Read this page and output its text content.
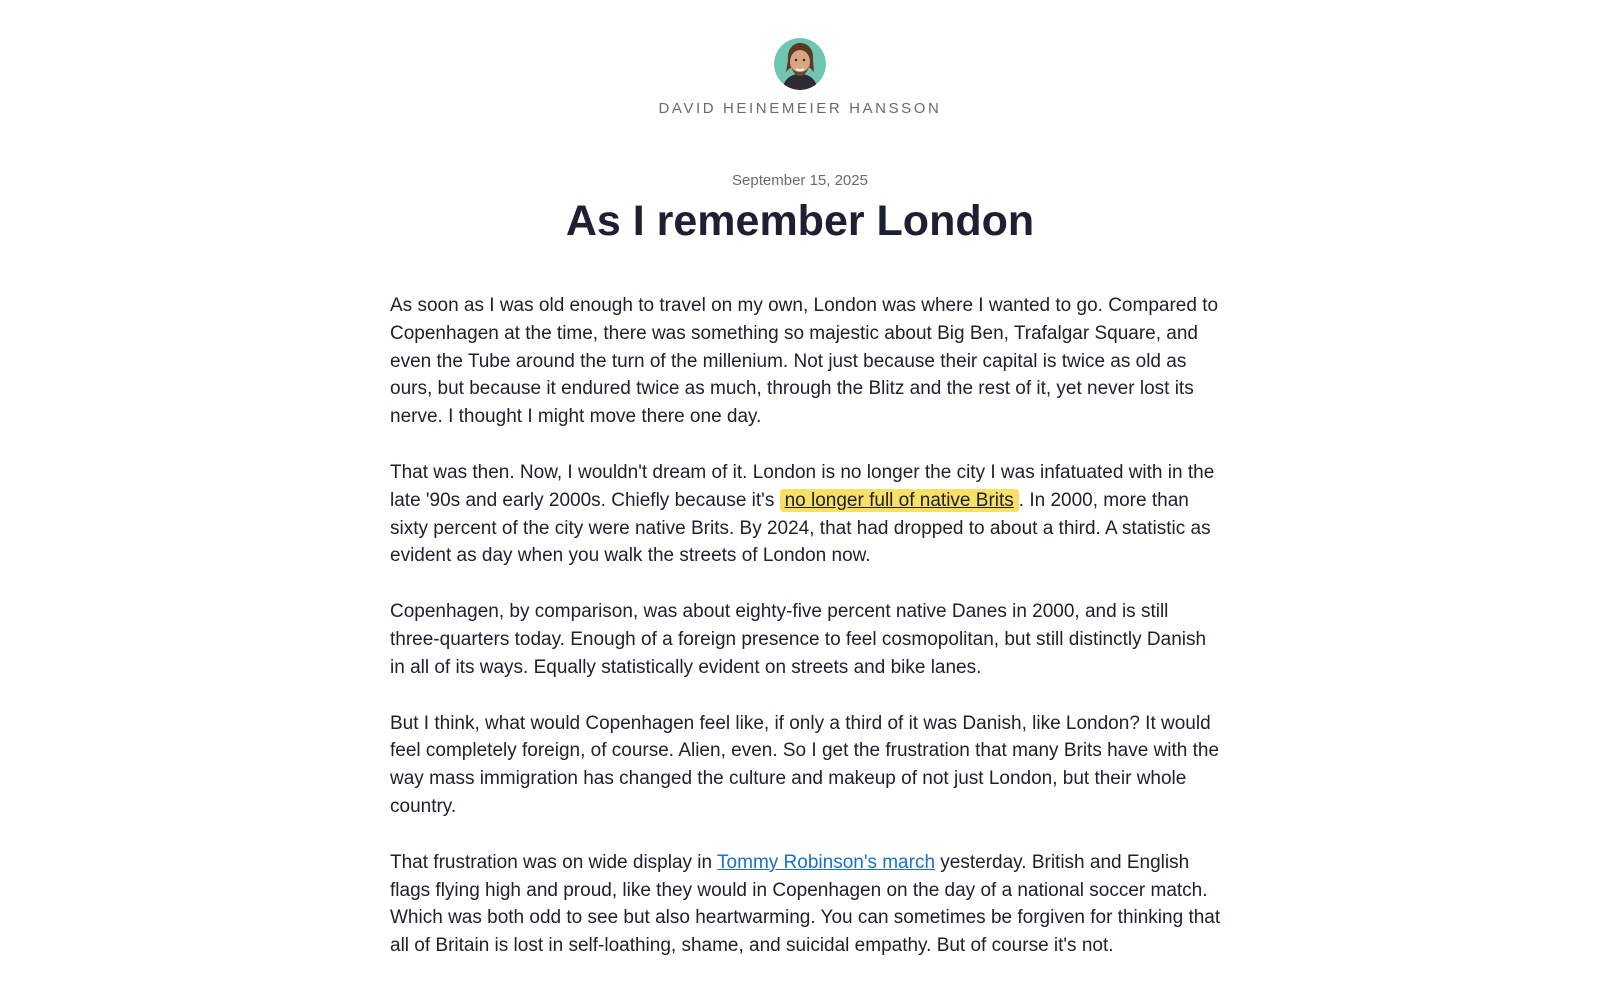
DAVID HEINEMEIER HANSSON
September 15, 2025
As I remember London

As soon as I was old enough to travel on my own, London was where I wanted to go. Compared to Copenhagen at the time, there was something so majestic about Big Ben, Trafalgar Square, and even the Tube around the turn of the millenium. Not just because their capital is twice as old as ours, but because it endured twice as much, through the Blitz and the rest of it, yet never lost its nerve. I thought I might move there one day.

That was then. Now, I wouldn't dream of it. London is no longer the city I was infatuated with in the late '90s and early 2000s. Chiefly because it's no longer full of native Brits . In 2000, more than sixty percent of the city were native Brits. By 2024, that had dropped to about a third. A statistic as evident as day when you walk the streets of London now.

Copenhagen, by comparison, was about eighty-five percent native Danes in 2000, and is still three-quarters today. Enough of a foreign presence to feel cosmopolitan, but still distinctly Danish in all of its ways. Equally statistically evident on streets and bike lanes.

But I think, what would Copenhagen feel like, if only a third of it was Danish, like London? It would feel completely foreign, of course. Alien, even. So I get the frustration that many Brits have with the way mass immigration has changed the culture and makeup of not just London, but their whole country.

That frustration was on wide display in Tommy Robinson's march yesterday. British and English flags flying high and proud, like they would in Copenhagen on the day of a national soccer match. Which was both odd to see but also heartwarming. You can sometimes be forgiven for thinking that all of Britain is lost in self-loathing, shame, and suicidal empathy. But of course it's not.
